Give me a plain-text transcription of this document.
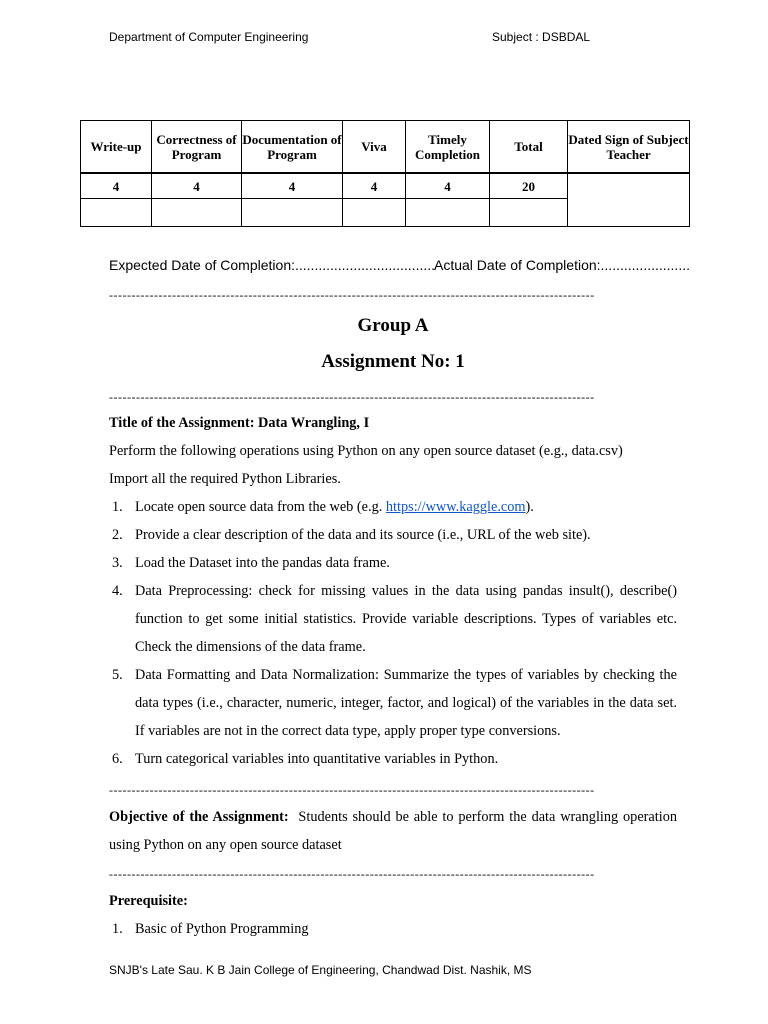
Department of Computer Engineering	Subject : DSBDAL
Write-up	Correctness of Program	Documentation of Program	Viva	Timely Completion	Total	Dated Sign of Subject Teacher
4	4	4	4	4	20	

Expected Date of Completion:....................................
Actual Date of Completion:.......................
------------------------------------------------------------------------------------------------------------
Group A
Assignment No: 1
------------------------------------------------------------------------------------------------------------
Title of the Assignment: Data Wrangling, I
Perform the following operations using Python on any open source dataset (e.g., data.csv)
Import all the required Python Libraries.
1. Locate open source data from the web (e.g. https://www.kaggle.com).
2. Provide a clear description of the data and its source (i.e., URL of the web site).
3. Load the Dataset into the pandas data frame.
4. Data Preprocessing: check for missing values in the data using pandas insult(), describe() function to get some initial statistics. Provide variable descriptions. Types of variables etc. Check the dimensions of the data frame.
5. Data Formatting and Data Normalization: Summarize the types of variables by checking the data types (i.e., character, numeric, integer, factor, and logical) of the variables in the data set. If variables are not in the correct data type, apply proper type conversions.
6. Turn categorical variables into quantitative variables in Python.
------------------------------------------------------------------------------------------------------------
Objective of the Assignment: Students should be able to perform the data wrangling operation using Python on any open source dataset
------------------------------------------------------------------------------------------------------------
Prerequisite:
1. Basic of Python Programming
SNJB's Late Sau. K B Jain College of Engineering, Chandwad Dist. Nashik, MS
